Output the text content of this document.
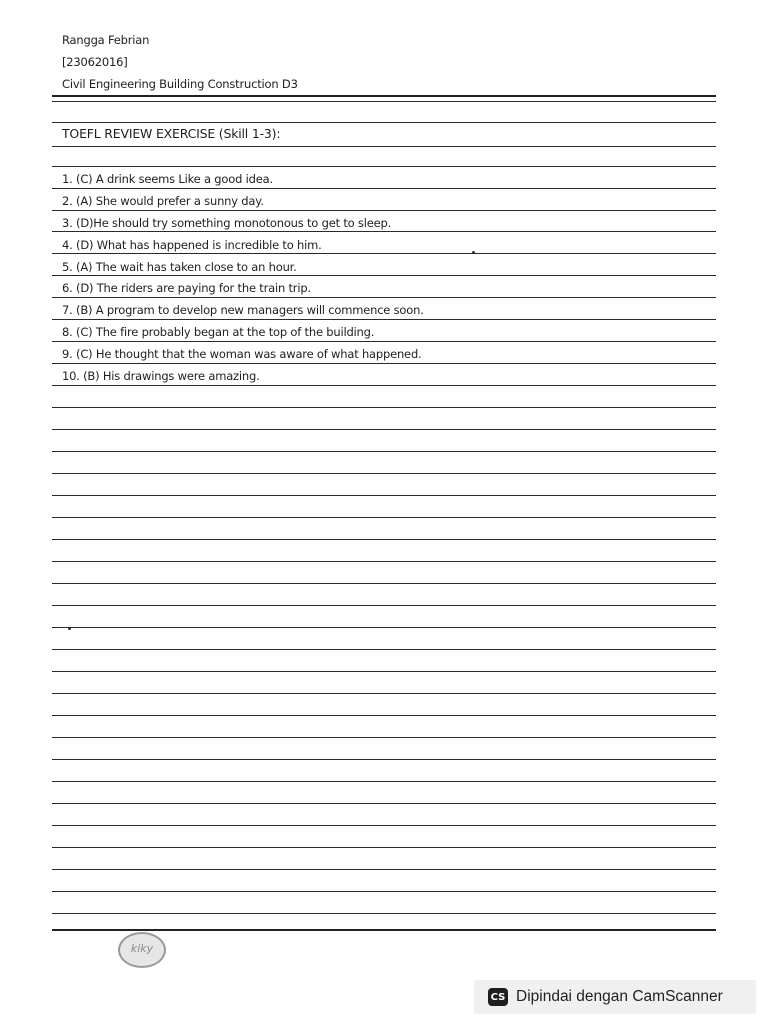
Rangga Febrian
[23062016]
Civil Engineering Building Construction D3
TOEFL REVIEW EXERCISE (Skill 1-3):
1. (C) A drink seems Like a good idea.
2. (A) She would prefer a sunny day.
3. (D)He should try something monotonous to get to sleep.
4. (D) What has happened is incredible to him.
5. (A) The wait has taken close to an hour.
6. (D) The riders are paying for the train trip.
7. (B) A program to develop new managers will commence soon.
8. (C) The fire probably began at the top of the building.
9. (C) He thought that the woman was aware of what happened.
10. (B) His drawings were amazing.
kiky
CS Dipindai dengan CamScanner
